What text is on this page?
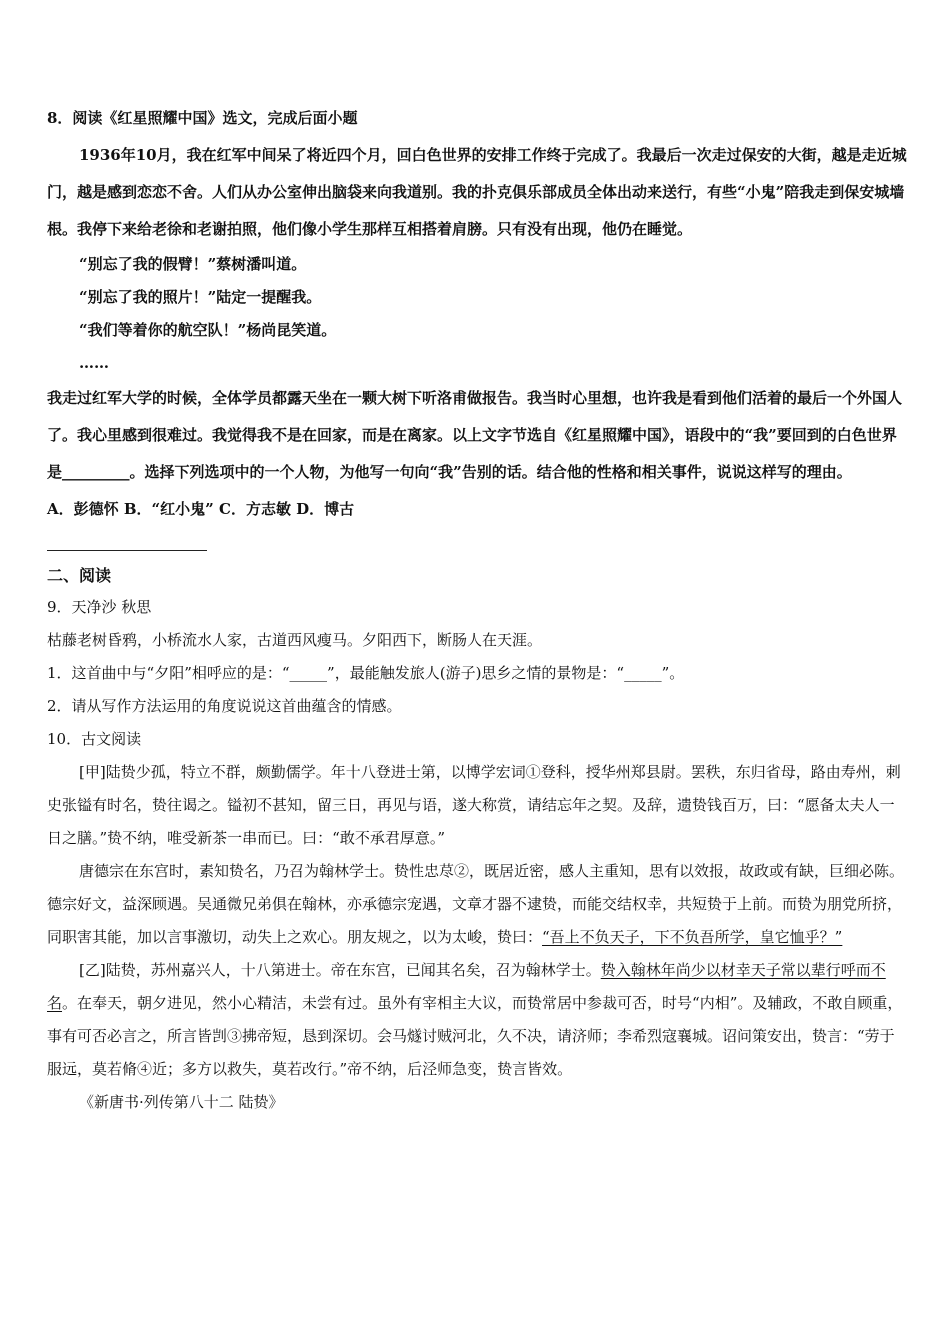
8．阅读《红星照耀中国》选文，完成后面小题

1936年10月，我在红军中间呆了将近四个月，回白色世界的安排工作终于完成了。我最后一次走过保安的大街，越是走近城门，越是感到恋恋不舍。人们从办公室伸出脑袋来向我道别。我的扑克俱乐部成员全体出动来送行，有些“小鬼”陪我走到保安城墙根。我停下来给老徐和老谢拍照，他们像小学生那样互相搭着肩膀。只有没有出现，他仍在睡觉。

“别忘了我的假臂！”蔡树潘叫道。

“别忘了我的照片！”陆定一提醒我。

“我们等着你的航空队！”杨尚昆笑道。

……

我走过红军大学的时候，全体学员都露天坐在一颗大树下听洛甫做报告。我当时心里想，也许我是看到他们活着的最后一个外国人了。我心里感到很难过。我觉得我不是在回家，而是在离家。以上文字节选自《红星照耀中国》，语段中的“我”要回到的白色世界是_________。选择下列选项中的一个人物，为他写一句向“我”告别的话。结合他的性格和相关事件，说说这样写的理由。

A．彭德怀 B．“红小鬼” C．方志敏 D．博古

二、阅读

9．天净沙 秋思

枯藤老树昏鸦，小桥流水人家，古道西风瘦马。夕阳西下，断肠人在天涯。

1．这首曲中与“夕阳”相呼应的是：“_____”，最能触发旅人(游子)思乡之情的景物是：“_____”。

2．请从写作方法运用的角度说说这首曲蕴含的情感。

10．古文阅读

[甲]陆贽少孤，特立不群，颇勤儒学。年十八登进士第，以博学宏词①登科，授华州郑县尉。罢秩，东归省母，路由寿州，刺史张镒有时名，贽往谒之。镒初不甚知，留三日，再见与语，遂大称赏，请结忘年之契。及辞，遗贽钱百万，曰：“愿备太夫人一日之膳。”贽不纳，唯受新茶一串而已。曰：“敢不承君厚意。”

唐德宗在东宫时，素知贽名，乃召为翰林学士。贽性忠荩②，既居近密，感人主重知，思有以效报，故政或有缺，巨细必陈。德宗好文，益深顾遇。吴通微兄弟俱在翰林，亦承德宗宠遇，文章才器不逮贽，而能交结权幸，共短贽于上前。而贽为朋党所挤，同职害其能，加以言事激切，动失上之欢心。朋友规之，以为太峻，贽曰：“吾上不负天子，下不负吾所学，皇它恤乎？”

[乙]陆贽，苏州嘉兴人，十八第进士。帝在东宫，已闻其名矣，召为翰林学士。贽入翰林年尚少以材幸天子常以辈行呼而不名。在奉天，朝夕进见，然小心精洁，未尝有过。虽外有宰相主大议，而贽常居中参裁可否，时号“内相”。及辅政，不敢自顾重，事有可否必言之，所言皆剀③拂帝短，恳到深切。会马燧讨贼河北，久不决，请济师；李希烈寇襄城。诏问策安出，贽言：“劳于服远，莫若脩④近；多方以救失，莫若改行。”帝不纳，后泾师急变，贽言皆效。

《新唐书·列传第八十二 陆贽》
